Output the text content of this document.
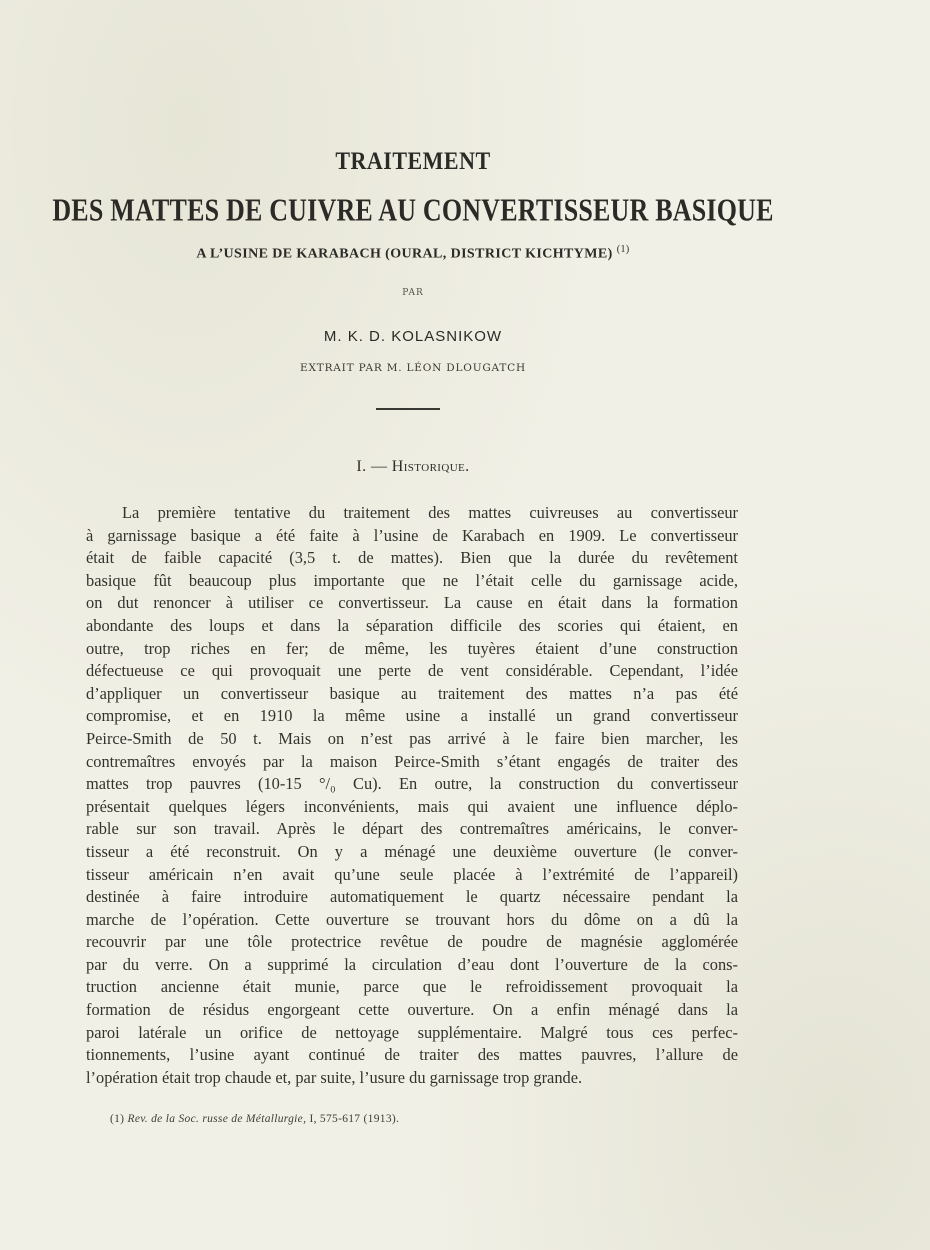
TRAITEMENT
DES MATTES DE CUIVRE AU CONVERTISSEUR BASIQUE
A L’USINE DE KARABACH (OURAL, DISTRICT KICHTYME) $^{(1)}$
PAR
M. K. D. KOLASNIKOW
EXTRAIT PAR M. LÉON DLOUGATCH
I. — Historique.
La première tentative du traitement des mattes cuivreuses au convertisseur
à garnissage basique a été faite à l’usine de Karabach en 1909. Le convertisseur
était de faible capacité (3,5 t. de mattes). Bien que la durée du revêtement
basique fût beaucoup plus importante que ne l’était celle du garnissage acide,
on dut renoncer à utiliser ce convertisseur. La cause en était dans la formation
abondante des loups et dans la séparation difficile des scories qui étaient, en
outre, trop riches en fer; de même, les tuyères étaient d’une construction
défectueuse ce qui provoquait une perte de vent considérable. Cependant, l’idée
d’appliquer un convertisseur basique au traitement des mattes n’a pas été
compromise, et en 1910 la même usine a installé un grand convertisseur
Peirce-Smith de 50 t. Mais on n’est pas arrivé à le faire bien marcher, les
contremaîtres envoyés par la maison Peirce-Smith s’étant engagés de traiter des
mattes trop pauvres (10-15 °/₀ Cu). En outre, la construction du convertisseur
présentait quelques légers inconvénients, mais qui avaient une influence déplo-
rable sur son travail. Après le départ des contremaîtres américains, le conver-
tisseur a été reconstruit. On y a ménagé une deuxième ouverture (le conver-
tisseur américain n’en avait qu’une seule placée à l’extrémité de l’appareil)
destinée à faire introduire automatiquement le quartz nécessaire pendant la
marche de l’opération. Cette ouverture se trouvant hors du dôme on a dû la
recouvrir par une tôle protectrice revêtue de poudre de magnésie agglomérée
par du verre. On a supprimé la circulation d’eau dont l’ouverture de la cons-
truction ancienne était munie, parce que le refroidissement provoquait la
formation de résidus engorgeant cette ouverture. On a enfin ménagé dans la
paroi latérale un orifice de nettoyage supplémentaire. Malgré tous ces perfec-
tionnements, l’usine ayant continué de traiter des mattes pauvres, l’allure de
l’opération était trop chaude et, par suite, l’usure du garnissage trop grande.
(1) Rev. de la Soc. russe de Métallurgie, I, 575-617 (1913).
